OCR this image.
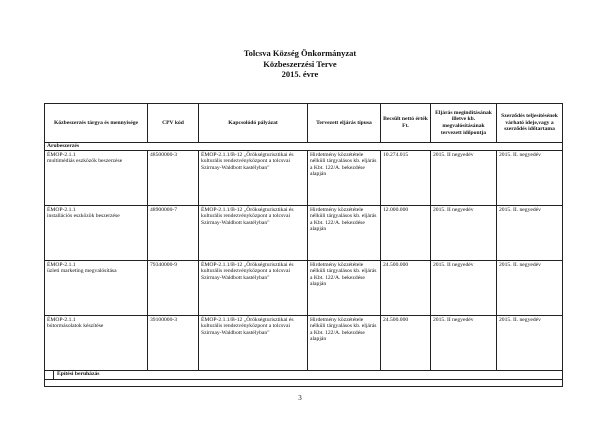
Tolcsva Község Önkormányzat
Közbeszerzési Terve
2015. évre
Közbeszerzés tárgya és mennyisége	CPV kód	Kapcsolódó pályázat	Tervezett eljárás típusa	Becsült nettó érték Ft.	Eljárás megindításának illetve kb. megvalósításának tervezett időpontja	Szerződés teljesítésének várható ideje,vagy a szerződés időtartama
Árubeszerzés						

ÉMOP-2.1.1
multimédiás eszközök beszerzése	48500000-3	ÉMOP-2.1.1/B-12 „Örökségturisztikai és kulturális rendezvényközpont a tolcsvai Szirmay-Waldbott kastélyban"	Hirdetmény közzététele nélküli tárgyalásos kb. eljárás a Kbt. 122/A. bekezdése alapján	10.274.015	2015. II negyedév	2015. II. negyedév

ÉMOP-2.1.1
installációs eszközök beszerzése	48900000-7	ÉMOP-2.1.1/B-12 „Örökségturisztikai és kulturális rendezvényközpont a tolcsvai Szirmay-Waldbott kastélyban"	Hirdetmény közzététele nélküli tárgyalásos kb. eljárás a Kbt. 122/A. bekezdése alapján	12.000.000	2015. II negyedév	2015. II. negyedév

ÉMOP-2.1.1
üzleti marketing megvalósítása	79340000-9	ÉMOP-2.1.1/B-12 „Örökségturisztikai és kulturális rendezvényközpont a tolcsvai Szirmay-Waldbott kastélyban"	Hirdetmény közzététele nélküli tárgyalásos kb. eljárás a Kbt. 122/A. bekezdése alapján	24.500.000	2015. II negyedév	2015. II. negyedév

ÉMOP-2.1.1
bútormásolatok készítése	39100000-3	ÉMOP-2.1.1/B-12 „Örökségturisztikai és kulturális rendezvényközpont a tolcsvai Szirmay-Waldbott kastélyban"	Hirdetmény közzététele nélküli tárgyalásos kb. eljárás a Kbt. 122/A. bekezdése alapján	24.500.000	2015. II negyedév	2015. II. negyedév
Építési beruházás						

3
